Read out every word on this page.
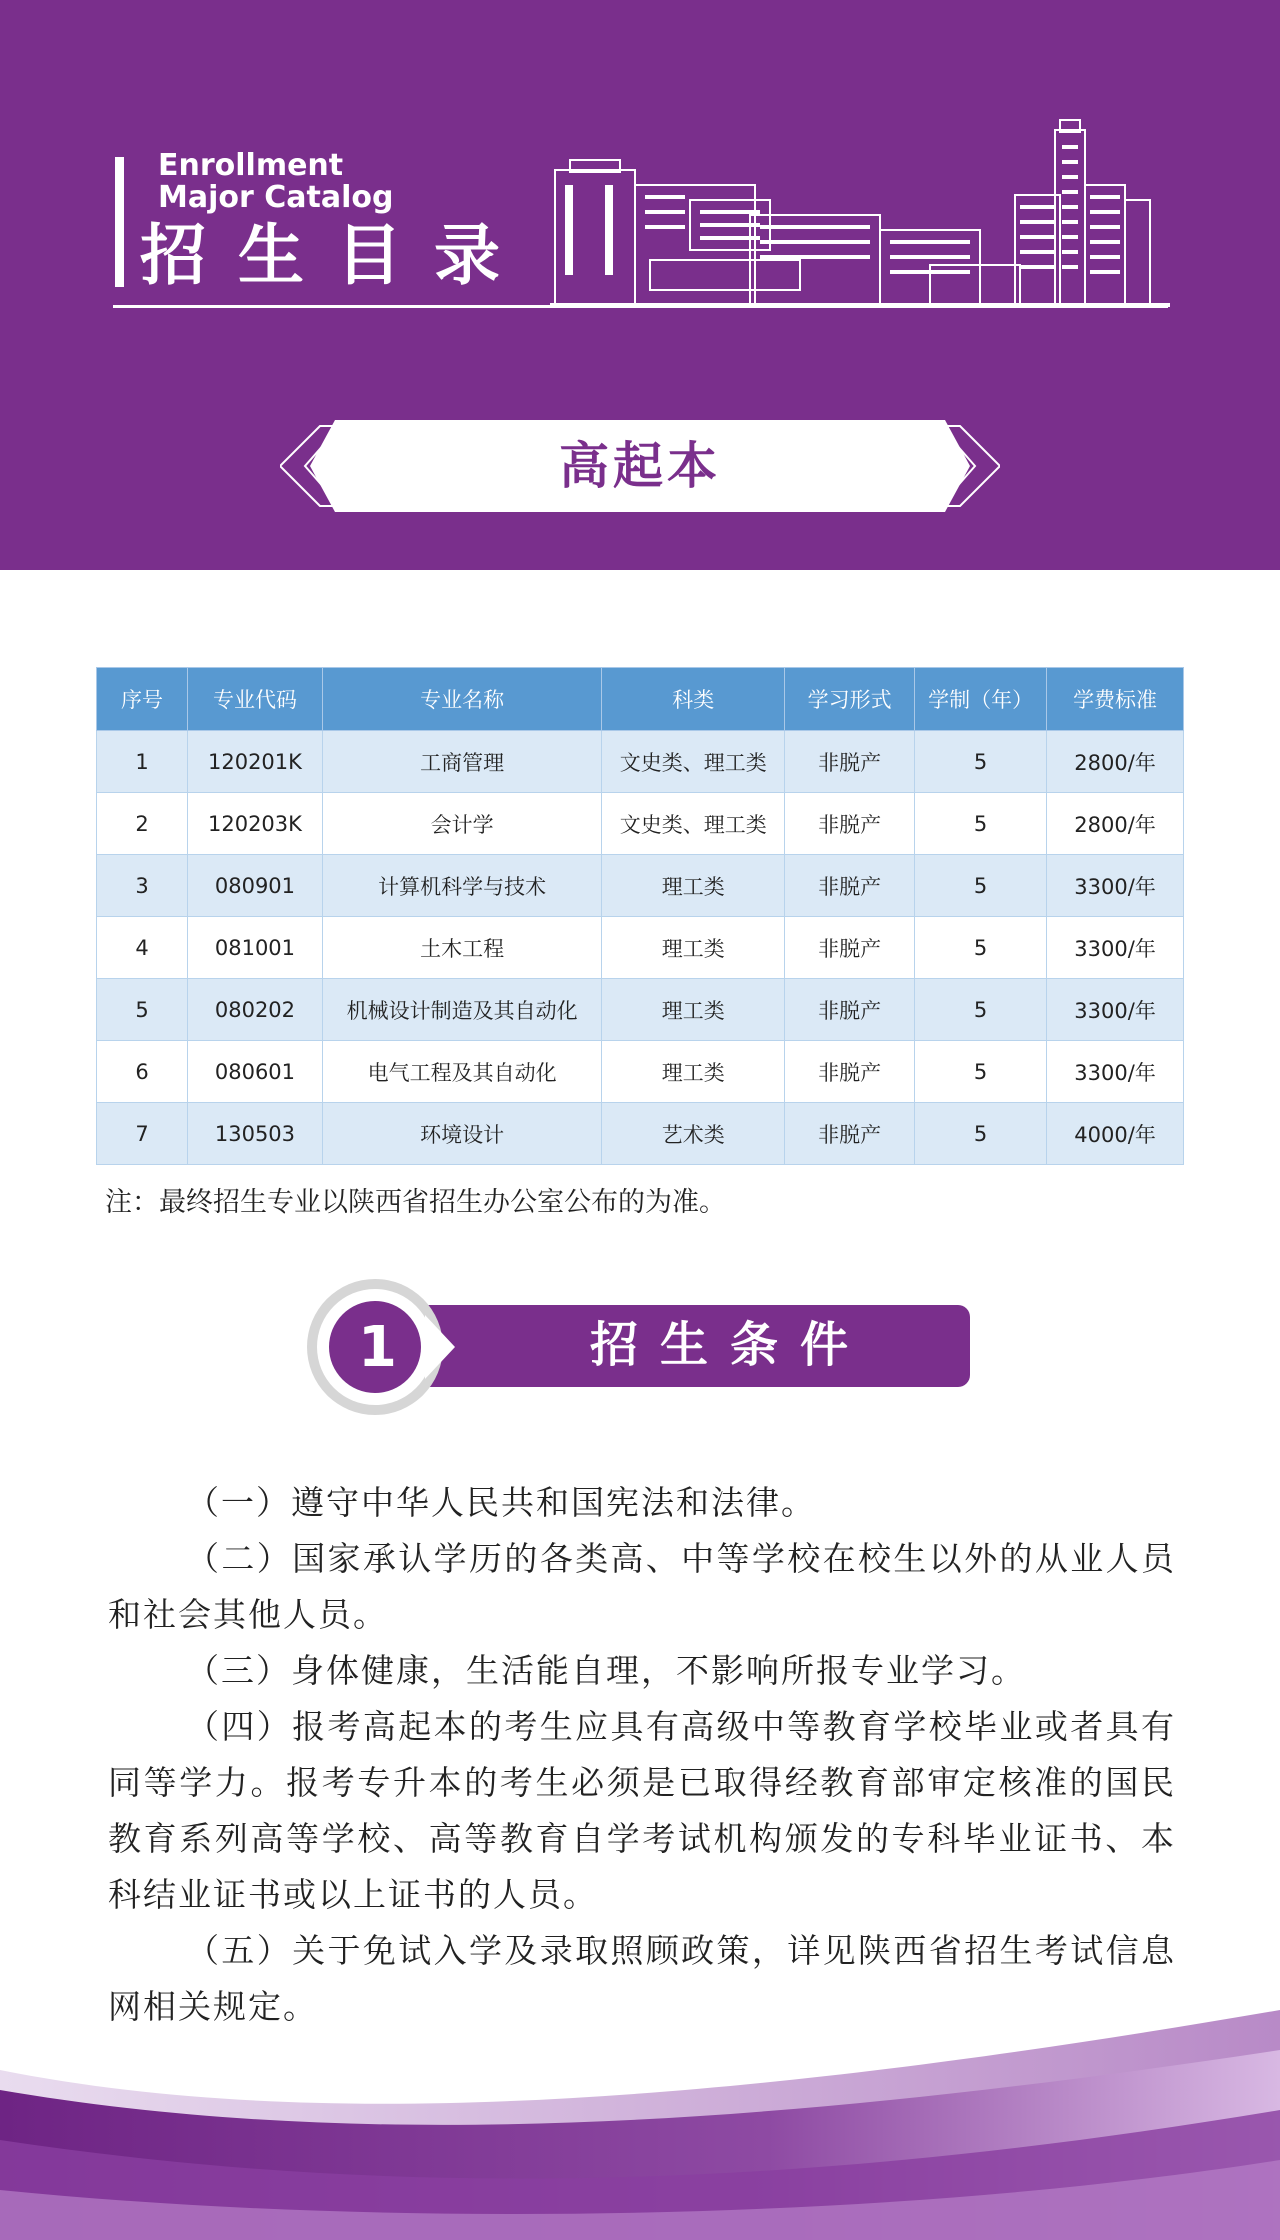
Enrollment
Major Catalog
招生目录
高起本
序号	专业代码	专业名称	科类	学习形式	学制（年）	学费标准
1	120201K	工商管理	文史类、理工类	非脱产	5	2800/年
2	120203K	会计学	文史类、理工类	非脱产	5	2800/年
3	080901	计算机科学与技术	理工类	非脱产	5	3300/年
4	081001	土木工程	理工类	非脱产	5	3300/年
5	080202	机械设计制造及其自动化	理工类	非脱产	5	3300/年
6	080601	电气工程及其自动化	理工类	非脱产	5	3300/年
7	130503	环境设计	艺术类	非脱产	5	4000/年
注：最终招生专业以陕西省招生办公室公布的为准。
1	招生条件

（一）遵守中华人民共和国宪法和法律。

（二）国家承认学历的各类高、中等学校在校生以外的从业人员和社会其他人员。

（三）身体健康，生活能自理，不影响所报专业学习。

（四）报考高起本的考生应具有高级中等教育学校毕业或者具有同等学力。报考专升本的考生必须是已取得经教育部审定核准的国民教育系列高等学校、高等教育自学考试机构颁发的专科毕业证书、本科结业证书或以上证书的人员。

（五）关于免试入学及录取照顾政策，详见陕西省招生考试信息网相关规定。
